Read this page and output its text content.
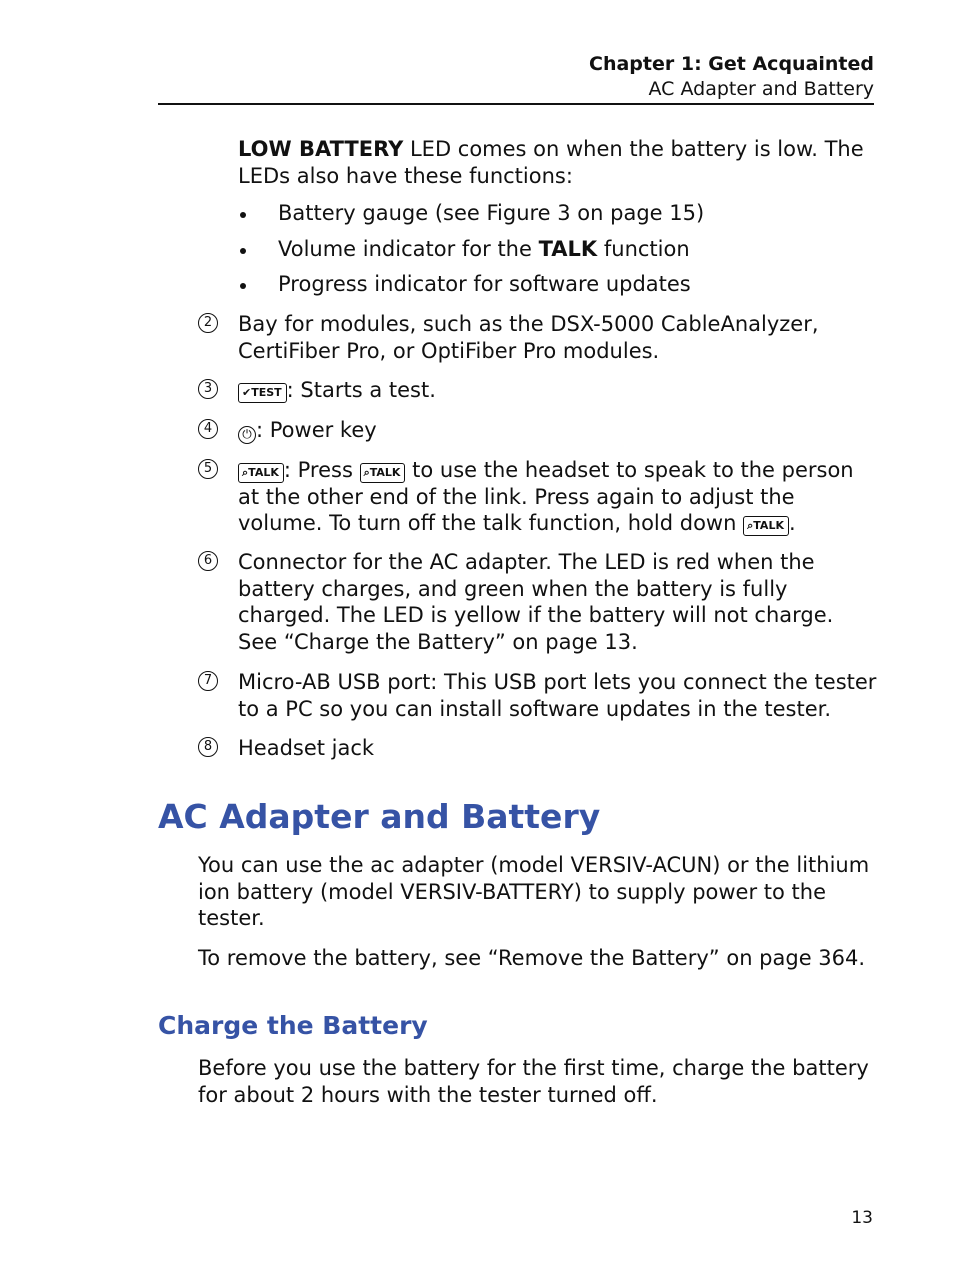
Chapter 1: Get Acquainted
AC Adapter and Battery
LOW BATTERY LED comes on when the battery is low. The LEDs also have these functions:
Battery gauge (see Figure 3 on page 15)
Volume indicator for the TALK function
Progress indicator for software updates
2 Bay for modules, such as the DSX-5000 CableAnalyzer, CertiFiber Pro, or OptiFiber Pro modules.
3	✔TEST : Starts a test.
4	⏻ : Power key
5	⌕TALK : Press ⌕TALK to use the headset to speak to the person at the other end of the link. Press again to adjust the volume. To turn off the talk function, hold down ⌕TALK .
6 Connector for the AC adapter. The LED is red when the battery charges, and green when the battery is fully charged. The LED is yellow if the battery will not charge. See “Charge the Battery” on page 13.
7 Micro-AB USB port: This USB port lets you connect the tester to a PC so you can install software updates in the tester.
8 Headset jack
AC Adapter and Battery
You can use the ac adapter (model VERSIV-ACUN) or the lithium ion battery (model VERSIV-BATTERY) to supply power to the tester.
To remove the battery, see “Remove the Battery” on page 364.
Charge the Battery
Before you use the battery for the first time, charge the battery for about 2 hours with the tester turned off.
13
